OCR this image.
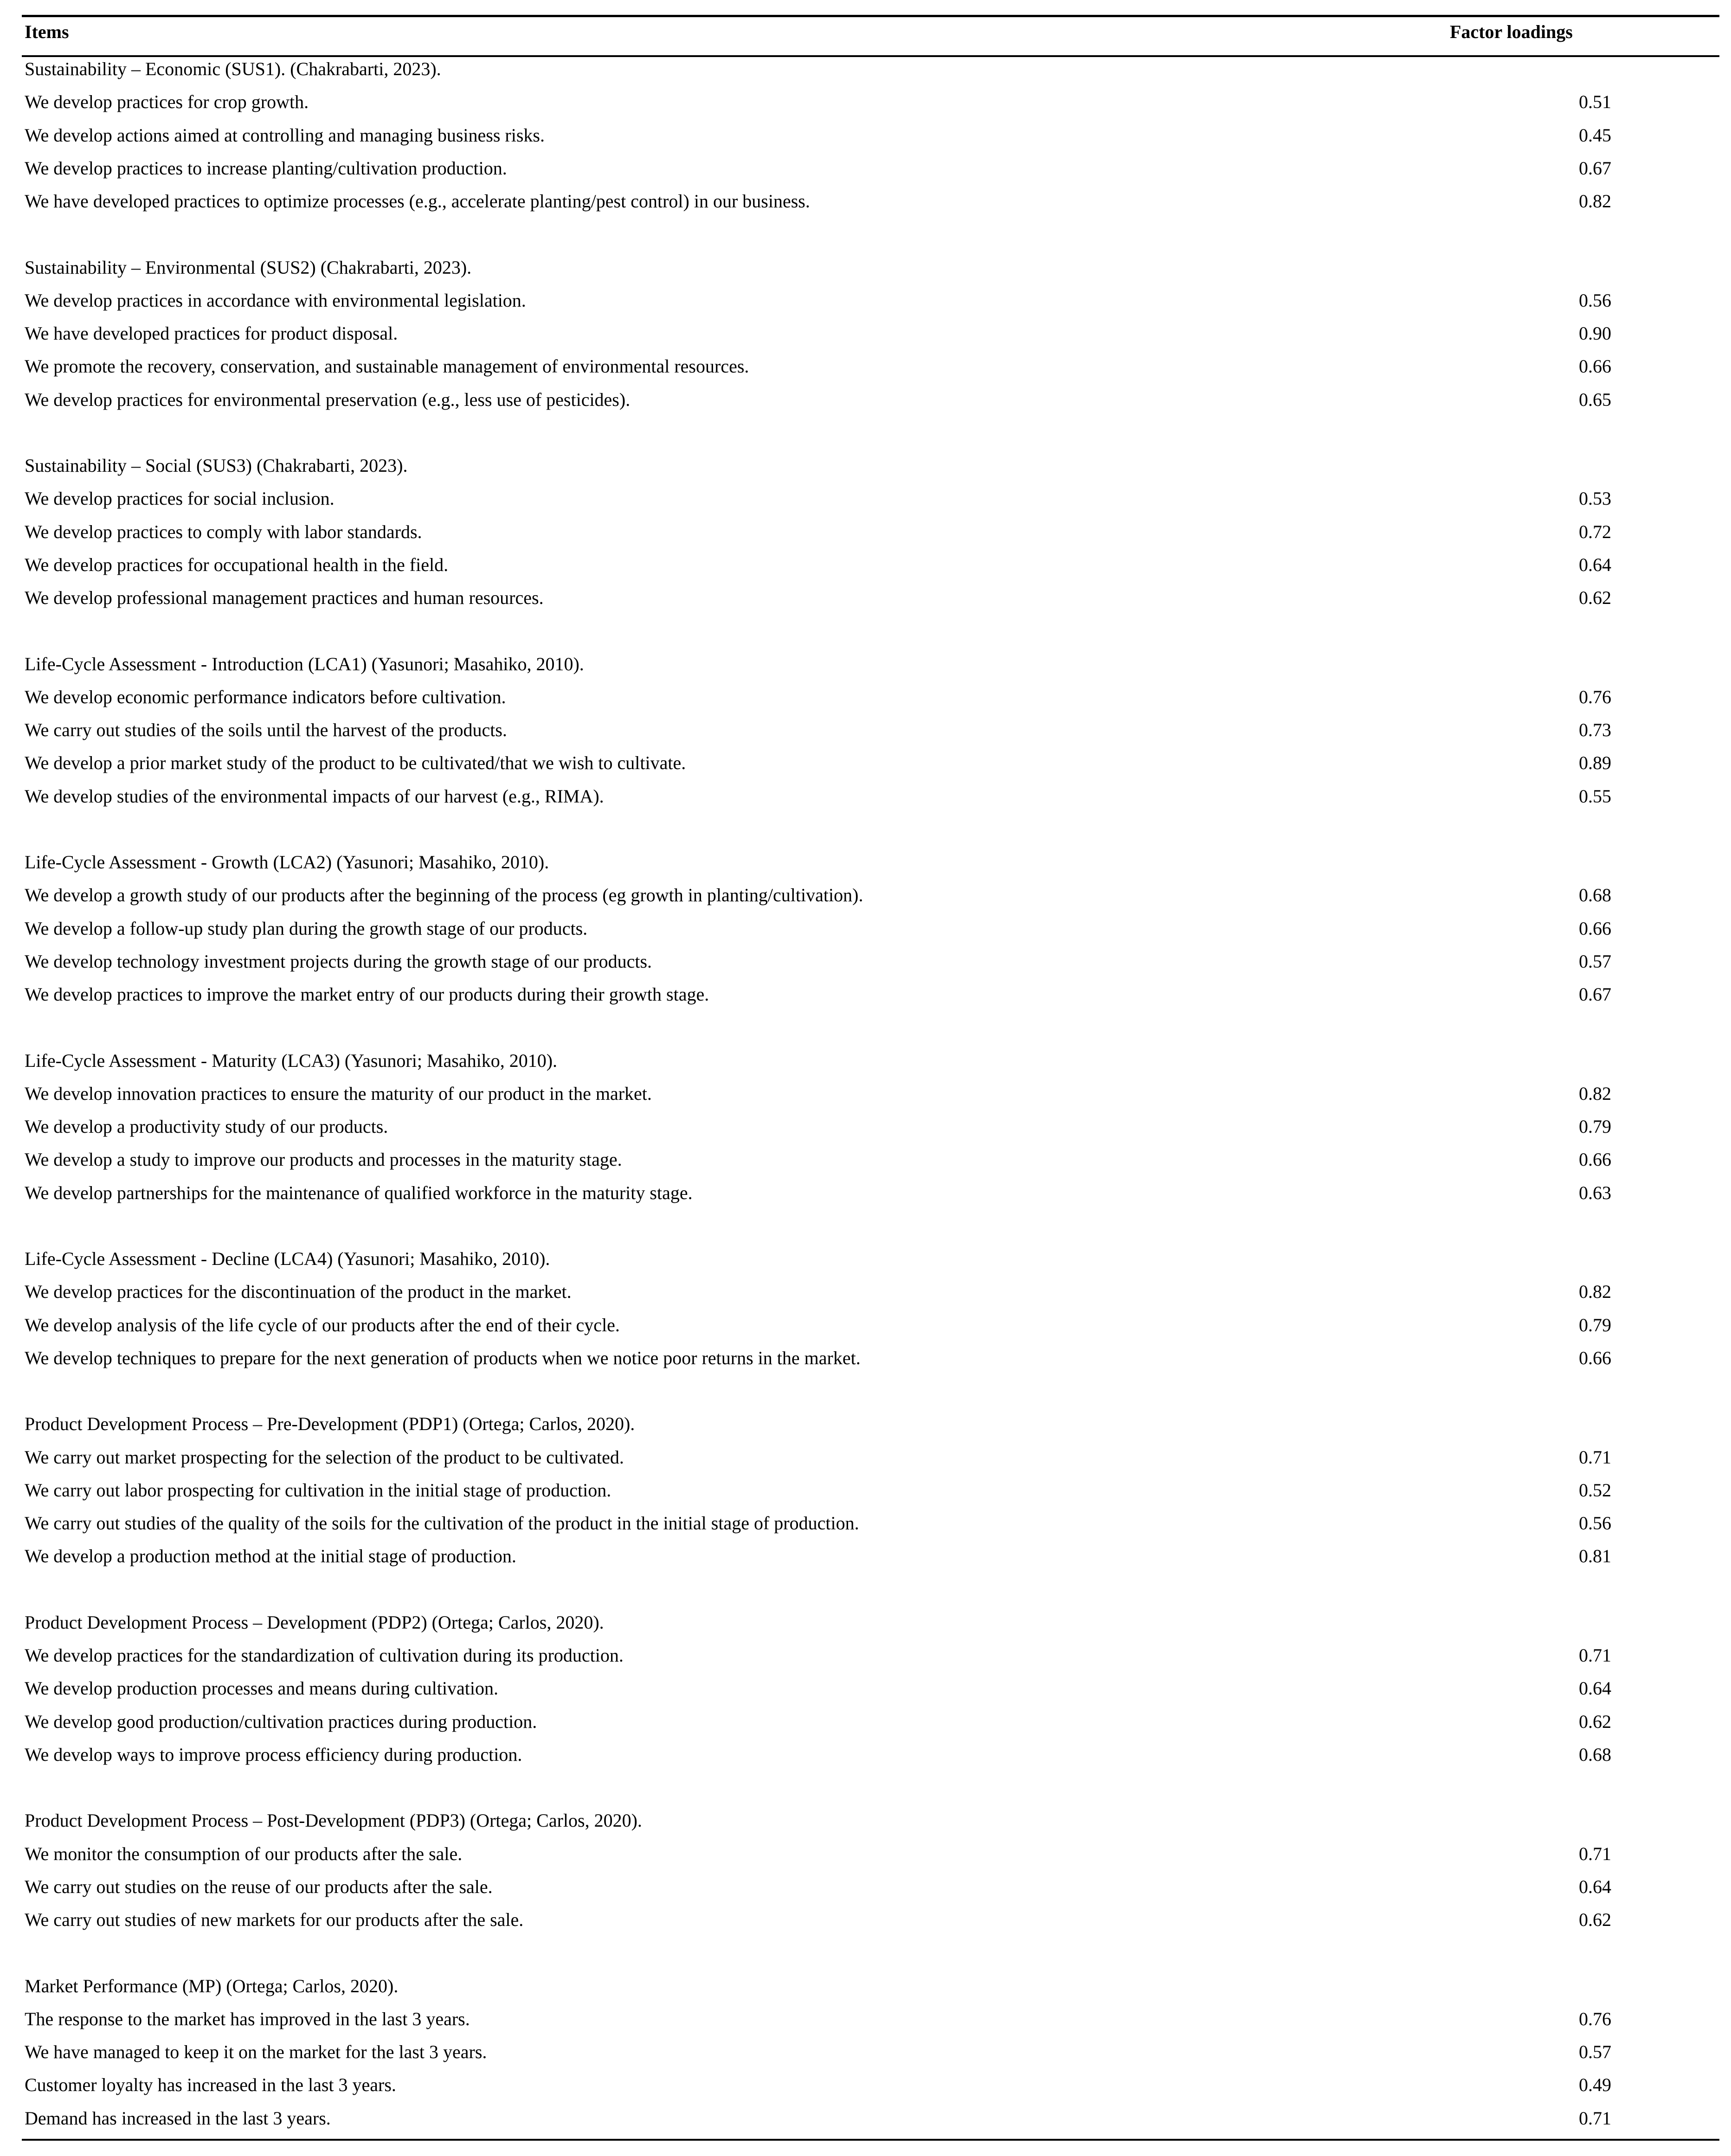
Items	Factor loadings
Sustainability – Economic (SUS1). (Chakrabarti, 2023).
We develop practices for crop growth.	0.51
We develop actions aimed at controlling and managing business risks.	0.45
We develop practices to increase planting/cultivation production.	0.67
We have developed practices to optimize processes (e.g., accelerate planting/pest control) in our business.	0.82
Sustainability – Environmental (SUS2) (Chakrabarti, 2023).
We develop practices in accordance with environmental legislation.	0.56
We have developed practices for product disposal.	0.90
We promote the recovery, conservation, and sustainable management of environmental resources.	0.66
We develop practices for environmental preservation (e.g., less use of pesticides).	0.65
Sustainability – Social (SUS3) (Chakrabarti, 2023).
We develop practices for social inclusion.	0.53
We develop practices to comply with labor standards.	0.72
We develop practices for occupational health in the field.	0.64
We develop professional management practices and human resources.	0.62
Life-Cycle Assessment - Introduction (LCA1) (Yasunori; Masahiko, 2010).
We develop economic performance indicators before cultivation.	0.76
We carry out studies of the soils until the harvest of the products.	0.73
We develop a prior market study of the product to be cultivated/that we wish to cultivate.	0.89
We develop studies of the environmental impacts of our harvest (e.g., RIMA).	0.55
Life-Cycle Assessment - Growth (LCA2) (Yasunori; Masahiko, 2010).
We develop a growth study of our products after the beginning of the process (eg growth in planting/cultivation).	0.68
We develop a follow-up study plan during the growth stage of our products.	0.66
We develop technology investment projects during the growth stage of our products.	0.57
We develop practices to improve the market entry of our products during their growth stage.	0.67
Life-Cycle Assessment - Maturity (LCA3) (Yasunori; Masahiko, 2010).
We develop innovation practices to ensure the maturity of our product in the market.	0.82
We develop a productivity study of our products.	0.79
We develop a study to improve our products and processes in the maturity stage.	0.66
We develop partnerships for the maintenance of qualified workforce in the maturity stage.	0.63
Life-Cycle Assessment - Decline (LCA4) (Yasunori; Masahiko, 2010).
We develop practices for the discontinuation of the product in the market.	0.82
We develop analysis of the life cycle of our products after the end of their cycle.	0.79
We develop techniques to prepare for the next generation of products when we notice poor returns in the market.	0.66
Product Development Process – Pre-Development (PDP1) (Ortega; Carlos, 2020).
We carry out market prospecting for the selection of the product to be cultivated.	0.71
We carry out labor prospecting for cultivation in the initial stage of production.	0.52
We carry out studies of the quality of the soils for the cultivation of the product in the initial stage of production.	0.56
We develop a production method at the initial stage of production.	0.81
Product Development Process – Development (PDP2) (Ortega; Carlos, 2020).
We develop practices for the standardization of cultivation during its production.	0.71
We develop production processes and means during cultivation.	0.64
We develop good production/cultivation practices during production.	0.62
We develop ways to improve process efficiency during production.	0.68
Product Development Process – Post-Development (PDP3) (Ortega; Carlos, 2020).
We monitor the consumption of our products after the sale.	0.71
We carry out studies on the reuse of our products after the sale.	0.64
We carry out studies of new markets for our products after the sale.	0.62
Market Performance (MP) (Ortega; Carlos, 2020).
The response to the market has improved in the last 3 years.	0.76
We have managed to keep it on the market for the last 3 years.	0.57
Customer loyalty has increased in the last 3 years.	0.49
Demand has increased in the last 3 years.	0.71
